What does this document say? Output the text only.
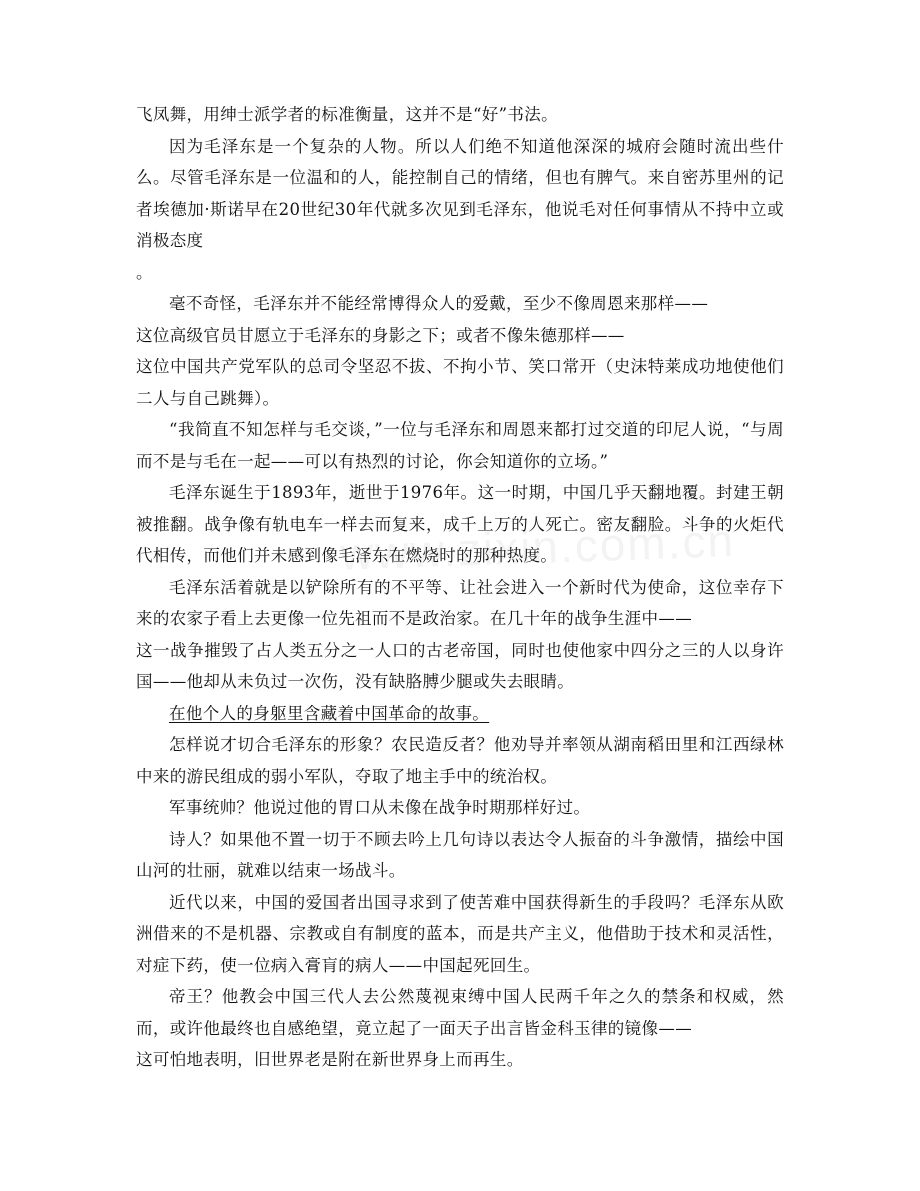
飞凤舞，用绅士派学者的标准衡量，这并不是“好”书法。

因为毛泽东是一个复杂的人物。所以人们绝不知道他深深的城府会随时流出些什么。尽管毛泽东是一位温和的人，能控制自己的情绪，但也有脾气。来自密苏里州的记者埃德加·斯诺早在20世纪30年代就多次见到毛泽东，他说毛对任何事情从不持中立或消极态度

。

毫不奇怪，毛泽东并不能经常博得众人的爱戴，至少不像周恩来那样——

这位高级官员甘愿立于毛泽东的身影之下；或者不像朱德那样——

这位中国共产党军队的总司令坚忍不拔、不拘小节、笑口常开（史沫特莱成功地使他们二人与自己跳舞）。

“我简直不知怎样与毛交谈，”一位与毛泽东和周恩来都打过交道的印尼人说，“与周而不是与毛在一起——可以有热烈的讨论，你会知道你的立场。”

毛泽东诞生于1893年，逝世于1976年。这一时期，中国几乎天翻地覆。封建王朝被推翻。战争像有轨电车一样去而复来，成千上万的人死亡。密友翻脸。斗争的火炬代代相传，而他们并未感到像毛泽东在燃烧时的那种热度。

毛泽东活着就是以铲除所有的不平等、让社会进入一个新时代为使命，这位幸存下来的农家子看上去更像一位先祖而不是政治家。在几十年的战争生涯中——

这一战争摧毁了占人类五分之一人口的古老帝国，同时也使他家中四分之三的人以身许国——他却从未负过一次伤，没有缺胳膊少腿或失去眼睛。

在他个人的身躯里含藏着中国革命的故事。

怎样说才切合毛泽东的形象？农民造反者？他劝导并率领从湖南稻田里和江西绿林中来的游民组成的弱小军队，夺取了地主手中的统治权。

军事统帅？他说过他的胃口从未像在战争时期那样好过。

诗人？如果他不置一切于不顾去吟上几句诗以表达令人振奋的斗争激情，描绘中国山河的壮丽，就难以结束一场战斗。

近代以来，中国的爱国者出国寻求到了使苦难中国获得新生的手段吗？毛泽东从欧洲借来的不是机器、宗教或自有制度的蓝本，而是共产主义，他借助于技术和灵活性，对症下药，使一位病入膏肓的病人——中国起死回生。

帝王？他教会中国三代人去公然蔑视束缚中国人民两千年之久的禁条和权威，然而，或许他最终也自感绝望，竟立起了一面天子出言皆金科玉律的镜像——

这可怕地表明，旧世界老是附在新世界身上而再生。
